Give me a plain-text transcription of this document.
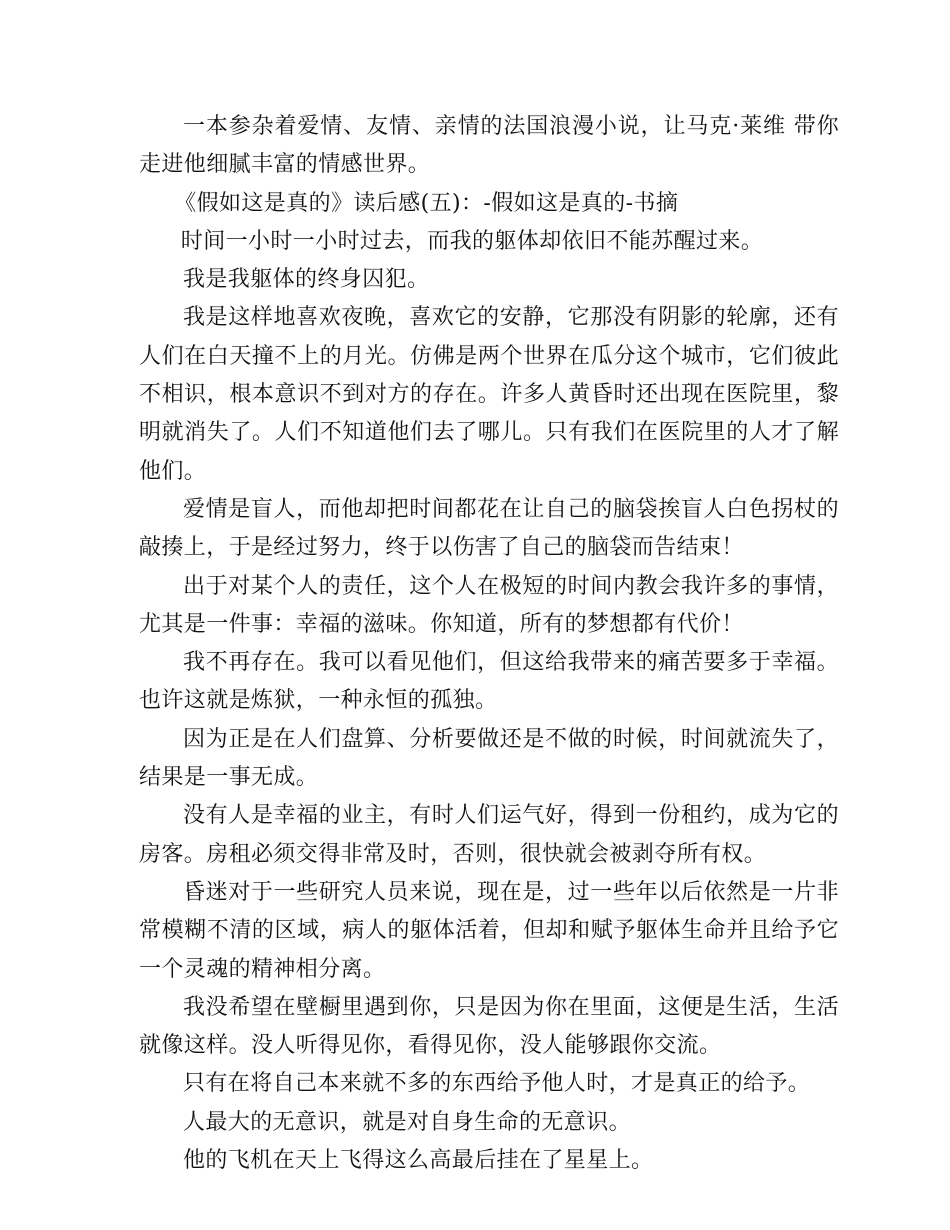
一本参杂着爱情、友情、亲情的法国浪漫小说，让马克·莱维 带你走进他细腻丰富的情感世界。

《假如这是真的》读后感(五)：-假如这是真的-书摘

时间一小时一小时过去，而我的躯体却依旧不能苏醒过来。

我是我躯体的终身囚犯。

我是这样地喜欢夜晚，喜欢它的安静，它那没有阴影的轮廓，还有人们在白天撞不上的月光。仿佛是两个世界在瓜分这个城市，它们彼此不相识，根本意识不到对方的存在。许多人黄昏时还出现在医院里，黎明就消失了。人们不知道他们去了哪儿。只有我们在医院里的人才了解他们。

爱情是盲人，而他却把时间都花在让自己的脑袋挨盲人白色拐杖的敲揍上，于是经过努力，终于以伤害了自己的脑袋而告结束！

出于对某个人的责任，这个人在极短的时间内教会我许多的事情，尤其是一件事：幸福的滋味。你知道，所有的梦想都有代价！

我不再存在。我可以看见他们，但这给我带来的痛苦要多于幸福。也许这就是炼狱，一种永恒的孤独。

因为正是在人们盘算、分析要做还是不做的时候，时间就流失了，结果是一事无成。

没有人是幸福的业主，有时人们运气好，得到一份租约，成为它的房客。房租必须交得非常及时，否则，很快就会被剥夺所有权。

昏迷对于一些研究人员来说，现在是，过一些年以后依然是一片非常模糊不清的区域，病人的躯体活着，但却和赋予躯体生命并且给予它一个灵魂的精神相分离。

我没希望在壁橱里遇到你，只是因为你在里面，这便是生活，生活就像这样。没人听得见你，看得见你，没人能够跟你交流。

只有在将自己本来就不多的东西给予他人时，才是真正的给予。

人最大的无意识，就是对自身生命的无意识。

他的飞机在天上飞得这么高最后挂在了星星上。
